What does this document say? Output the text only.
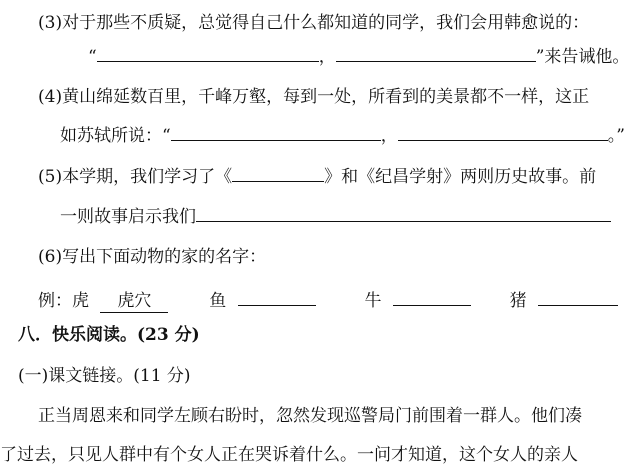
(3)对于那些不质疑，总觉得自己什么都知道的同学，我们会用韩愈说的：
“	，	”来告诫他。
(4)黄山绵延数百里，千峰万壑，每到一处，所看到的美景都不一样，这正
如苏轼所说：“	，	。”
(5)本学期，我们学习了《	》和《纪昌学射》两则历史故事。前
一则故事启示我们
(6)写出下面动物的家的名字：
例：虎 虎穴	鱼	牛	猪
八．快乐阅读。(23 分)
(一)课文链接。(11 分)
正当周恩来和同学左顾右盼时，忽然发现巡警局门前围着一群人。他们凑
了过去，只见人群中有个女人正在哭诉着什么。一问才知道，这个女人的亲人
